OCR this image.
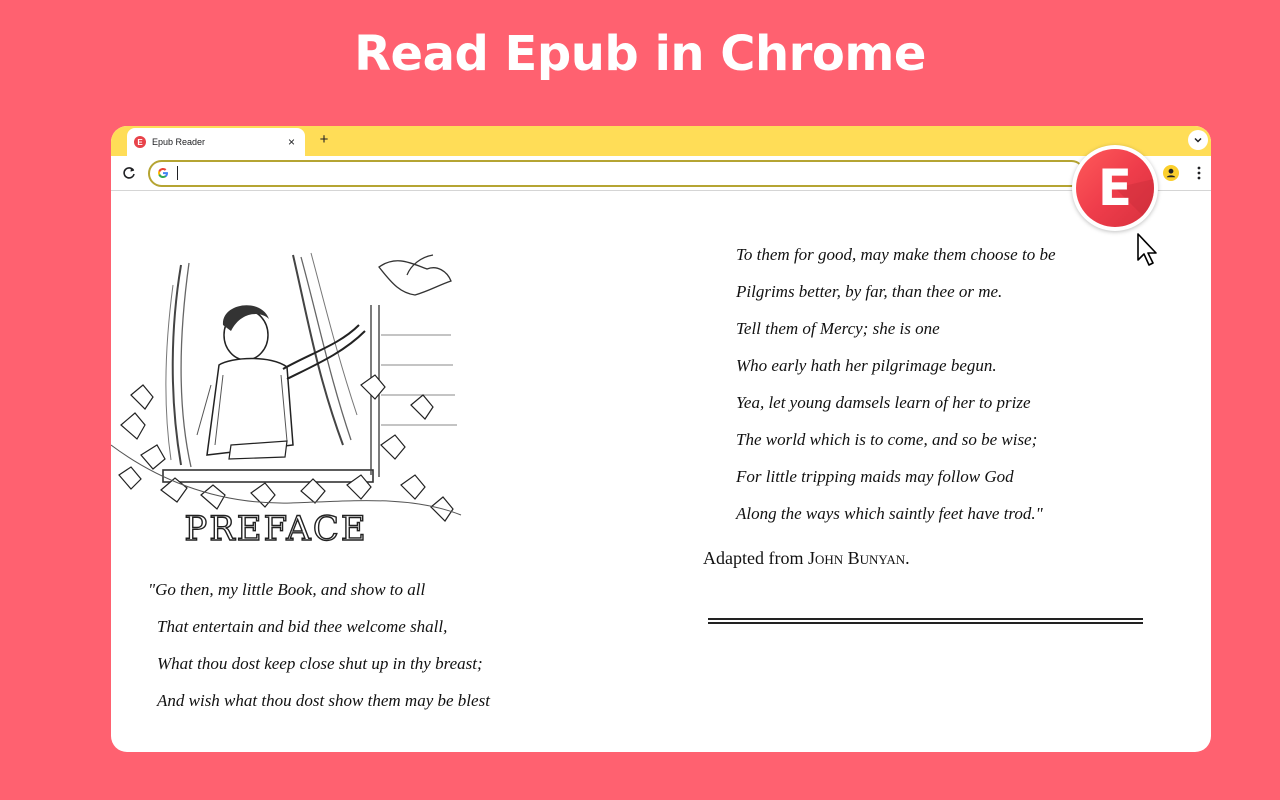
Read Epub in Chrome
E	Epub Reader	×	+
PREFACE
"Go then, my little Book, and show to all
That entertain and bid thee welcome shall,
What thou dost keep close shut up in thy breast;
And wish what thou dost show them may be blest
To them for good, may make them choose to be
Pilgrims better, by far, than thee or me.
Tell them of Mercy; she is one
Who early hath her pilgrimage begun.
Yea, let young damsels learn of her to prize
The world which is to come, and so be wise;
For little tripping maids may follow God
Along the ways which saintly feet have trod."
Adapted from John Bunyan.
E
